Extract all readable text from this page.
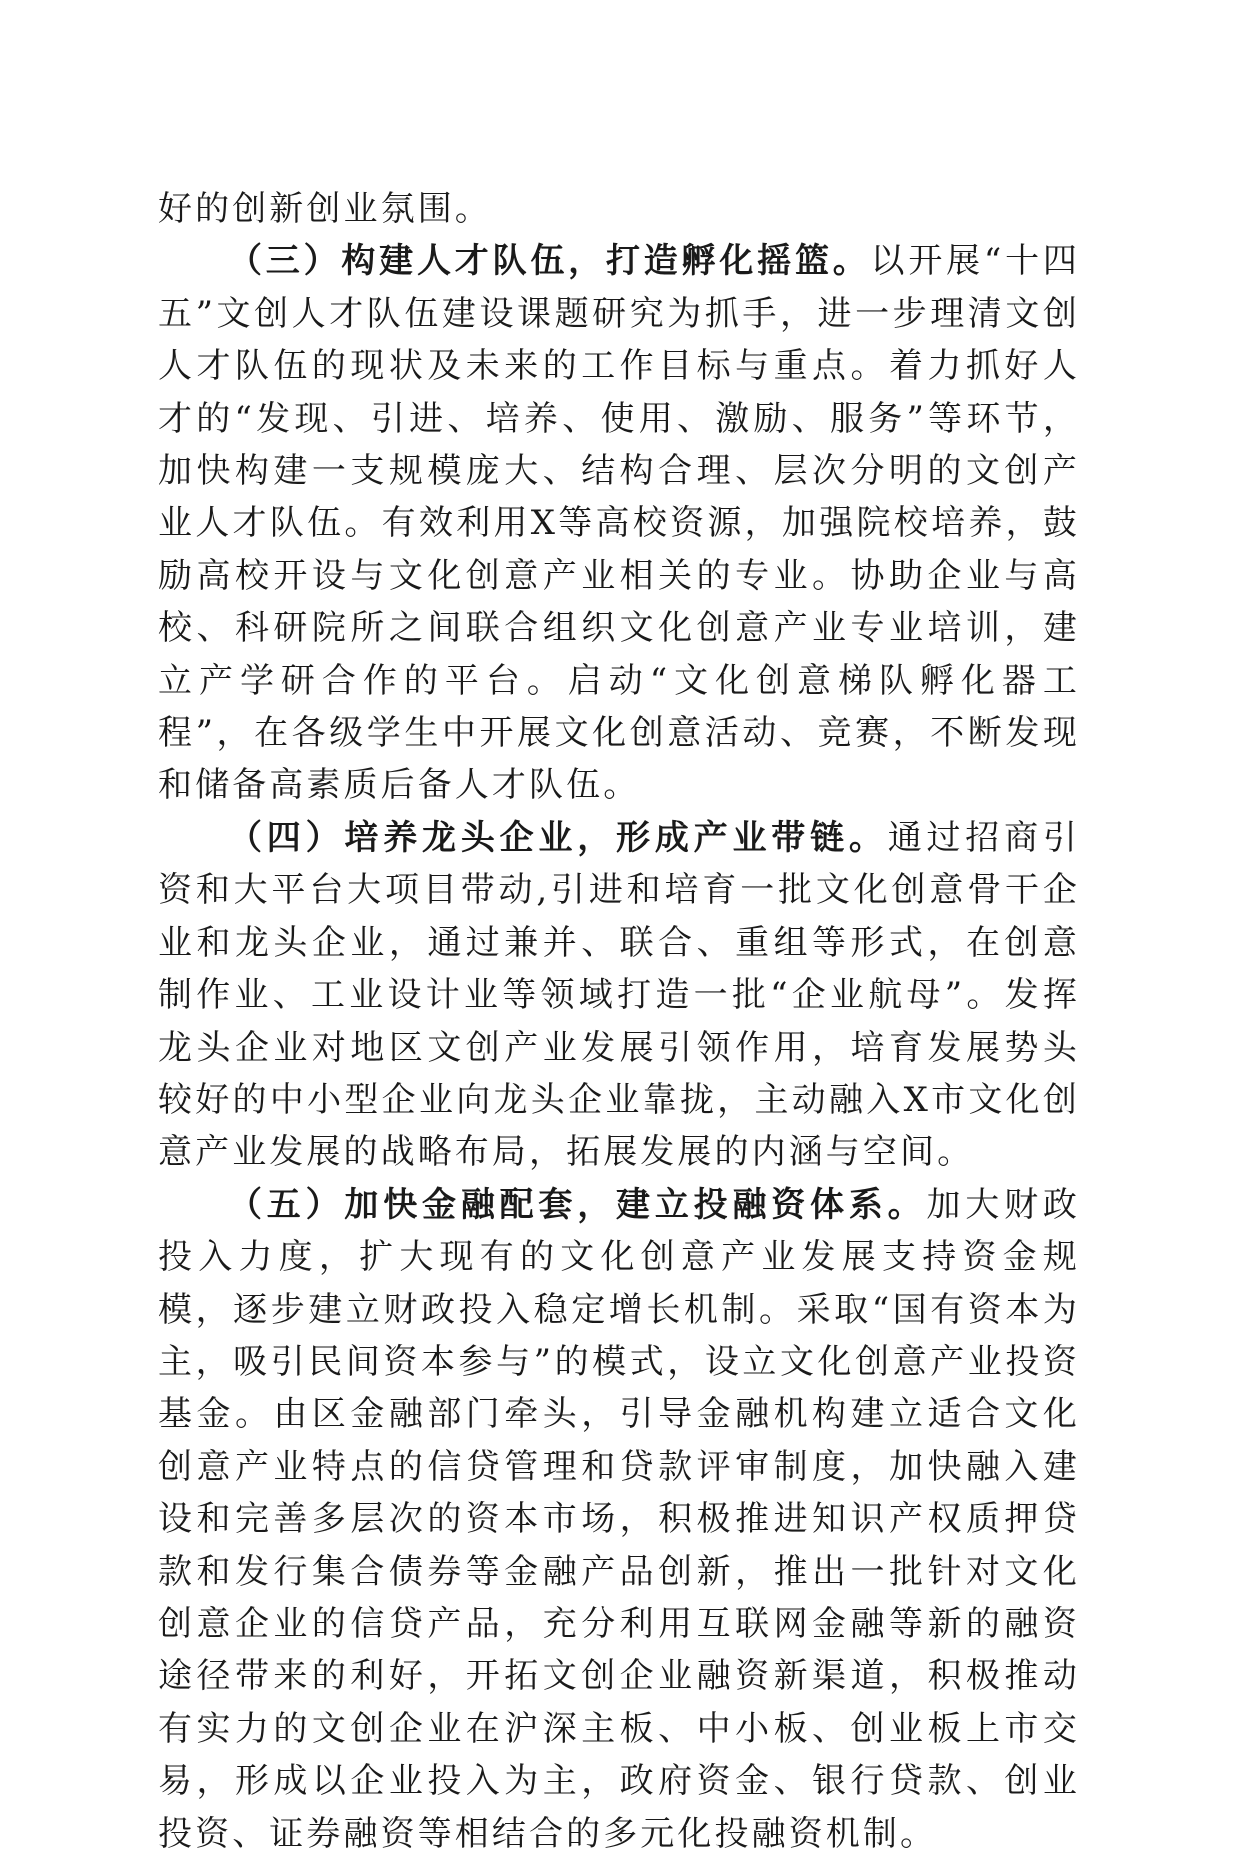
好的创新创业氛围。

（三）构建人才队伍，打造孵化摇篮。以开展“十四五”文创人才队伍建设课题研究为抓手，进一步理清文创人才队伍的现状及未来的工作目标与重点。着力抓好人才的“发现、引进、培养、使用、激励、服务”等环节，加快构建一支规模庞大、结构合理、层次分明的文创产业人才队伍。有效利用X等高校资源，加强院校培养，鼓励高校开设与文化创意产业相关的专业。协助企业与高校、科研院所之间联合组织文化创意产业专业培训，建立产学研合作的平台。启动“文化创意梯队孵化器工程”，在各级学生中开展文化创意活动、竞赛，不断发现和储备高素质后备人才队伍。

（四）培养龙头企业，形成产业带链。通过招商引资和大平台大项目带动,引进和培育一批文化创意骨干企业和龙头企业，通过兼并、联合、重组等形式，在创意制作业、工业设计业等领域打造一批“企业航母”。发挥龙头企业对地区文创产业发展引领作用，培育发展势头较好的中小型企业向龙头企业靠拢，主动融入X市文化创意产业发展的战略布局，拓展发展的内涵与空间。

（五）加快金融配套，建立投融资体系。加大财政投入力度，扩大现有的文化创意产业发展支持资金规模，逐步建立财政投入稳定增长机制。采取“国有资本为主，吸引民间资本参与”的模式，设立文化创意产业投资基金。由区金融部门牵头，引导金融机构建立适合文化创意产业特点的信贷管理和贷款评审制度，加快融入建设和完善多层次的资本市场，积极推进知识产权质押贷款和发行集合债券等金融产品创新，推出一批针对文化创意企业的信贷产品，充分利用互联网金融等新的融资途径带来的利好，开拓文创企业融资新渠道，积极推动有实力的文创企业在沪深主板、中小板、创业板上市交易，形成以企业投入为主，政府资金、银行贷款、创业投资、证券融资等相结合的多元化投融资机制。
